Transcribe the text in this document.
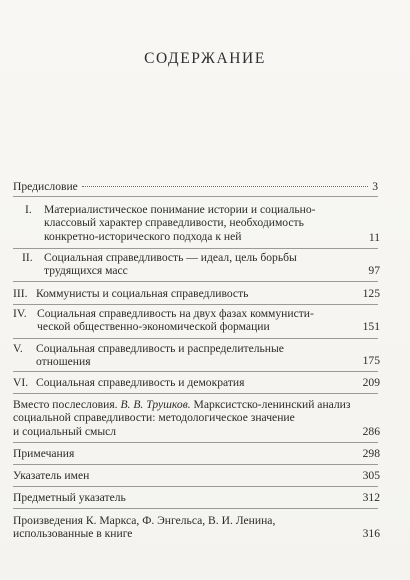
СОДЕРЖАНИЕ
Предисловие	3
I. Материалистическое понимание истории и социально-
классовый характер справедливости, необходимость
конкретно-исторического подхода к ней	11
II. Социальная справедливость — идеал, цель борьбы
трудящихся масс	97
III. Коммунисты и социальная справедливость	125
IV. Социальная справедливость на двух фазах коммунисти-
ческой общественно-экономической формации	151
V. Социальная справедливость и распределительные
отношения	175
VI. Социальная справедливость и демократия	209
Вместо послесловия. В. В. Трушков. Марксистско-ленинский анализ
социальной справедливости: методологическое значение
и социальный смысл	286
Примечания	298
Указатель имен	305
Предметный указатель	312
Произведения К. Маркса, Ф. Энгельса, В. И. Ленина,
использованные в книге	316
